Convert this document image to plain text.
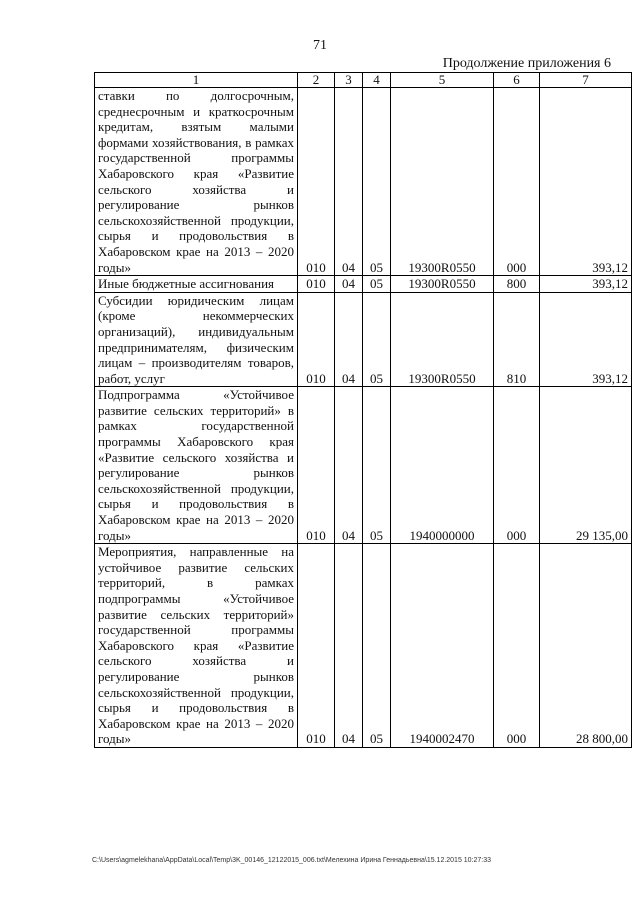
71
Продолжение приложения 6
1	2	3	4	5	6	7
ставки по долгосрочным, среднесрочным и краткосрочным кредитам, взятым малыми формами хозяйствования, в рамках государственной программы Хабаровского края «Развитие сельского хозяйства и регулирование рынков сельскохозяйственной продукции, сырья и продовольствия в Хабаровском крае на 2013 – 2020 годы»	010	04	05	19300R0550	000	393,12
Иные бюджетные ассигнования	010	04	05	19300R0550	800	393,12
Субсидии юридическим лицам (кроме некоммерческих организаций), индивидуальным предпринимателям, физическим лицам – производителям товаров, работ, услуг	010	04	05	19300R0550	810	393,12
Подпрограмма «Устойчивое развитие сельских территорий» в рамках государственной программы Хабаровского края «Развитие сельского хозяйства и регулирование рынков сельскохозяйственной продукции, сырья и продовольствия в Хабаровском крае на 2013 – 2020 годы»	010	04	05	1940000000	000	29 135,00
Мероприятия, направленные на устойчивое развитие сельских территорий, в рамках подпрограммы «Устойчивое развитие сельских территорий» государственной программы Хабаровского края «Развитие сельского хозяйства и регулирование рынков сельскохозяйственной продукции, сырья и продовольствия в Хабаровском крае на 2013 – 2020 годы»	010	04	05	1940002470	000	28 800,00
C:\Users\agmelekhana\AppData\Local\Temp\3K_00146_12122015_006.txt\Мелехина Ирина Геннадьевна\15.12.2015 10:27:33
